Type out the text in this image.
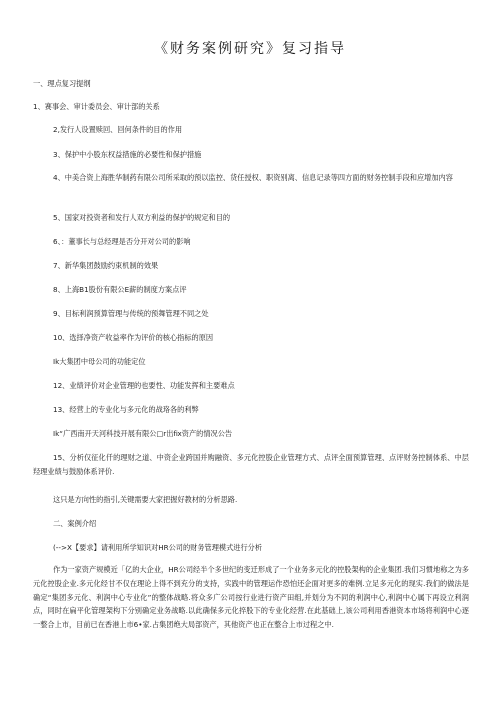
《财务案例研究》复习指导
一、理点复习提纲
1、赛事会、审计委员会、审计部的关系
2,发行人设置赎回、回何条件的目的作用
3、保护中小股东权益措施的必要性和保护措施
4、中美合资上海胜华制药有限公司所采取的预以监控、货任授权、职资别离、信息记录等四方面的财务控制手段和应增加内容
5、国家对投资者和发行人双方利益的保护的规定和目的
6、：董事长与总经理是否分开对公司的影响
7、新华集团鼓励约束机制的效果
8、上海B1股份有限公E薪的制度方案点评
9、目标利润预算管理与传统的预舞管理不同之处
10、选择净资产收益率作为评价的核心指标的原因
Ik大集团中母公司的功能定位
12、业绩评价对企业管理的也要性、功能发挥和主要难点
13、经营上的专业化与多元化的战珞各的利弊
Ik“广西南开天河科技开展有限公□r出fⅸ资产的情况公告
15、分析仅征化仟的理财之道、中资企业跨国并购融资、多元化控股企业管理方式、点评全面预算管理、点评财务控制体系、中层羟理业绩与鼓励体系评价.
这只是方向性的指引,关键需要大家把握好教材的分析思路.
二、案例介绍
(-->X【要求】请利用所学知识对HR公司的财务管理模式进行分析
作为一家资产规模近「亿的大企业，HR公司经半个多世纪的变迁形成了一个业务多元化的控股架构的企业集团.我们习惯地称之为多元化控股企业.多元化经甘不仅在理论上得不到充分的支持，实践中的管理运作恐怕还企面对更多的难例.立足多元化的现实.我们的做法是确定“集团多元化、利润中心专业化”的整体战略.将众多广公司按行业进行资产田组,并划分为不同的利润中心,利润中心属下再设立利润点，同时在扁平化管理架构下分别确定业务战略.以此确保多元化捽股下的专业化经营.在此基础上,该公司利用香港资本市场将利润中心逐一整合上市，目前已在香港上市6•家.占集团绝大局部资产，其他资产也正在整合上市过程之中.
